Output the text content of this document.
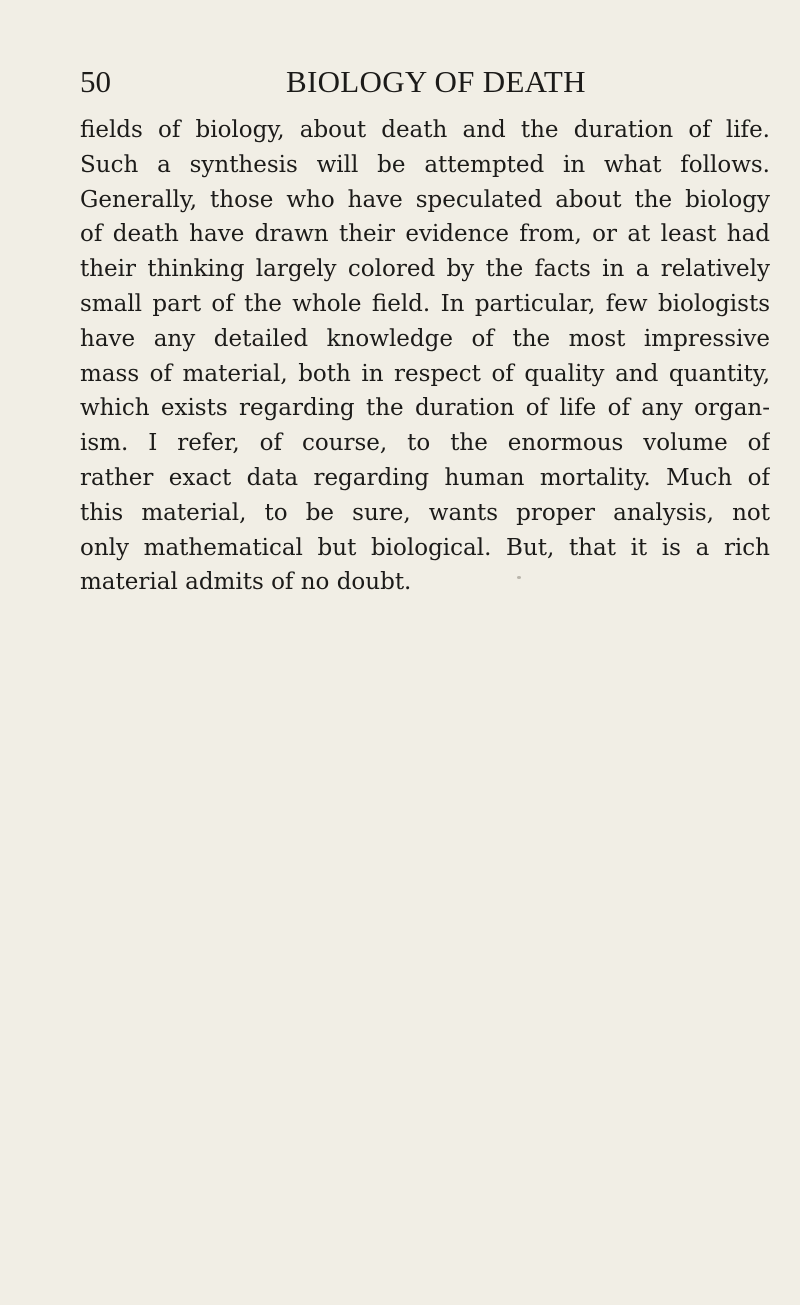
50	BIOLOGY OF DEATH
fields of biology, about death and the duration of life.
Such a synthesis will be attempted in what follows.
Generally, those who have speculated about the biology
of death have drawn their evidence from, or at least had
their thinking largely colored by the facts in a relatively
small part of the whole field. In particular, few biologists
have any detailed knowledge of the most impressive
mass of material, both in respect of quality and quantity,
which exists regarding the duration of life of any organ-
ism. I refer, of course, to the enormous volume of
rather exact data regarding human mortality. Much of
this material, to be sure, wants proper analysis, not
only mathematical but biological. But, that it is a rich
material admits of no doubt.
